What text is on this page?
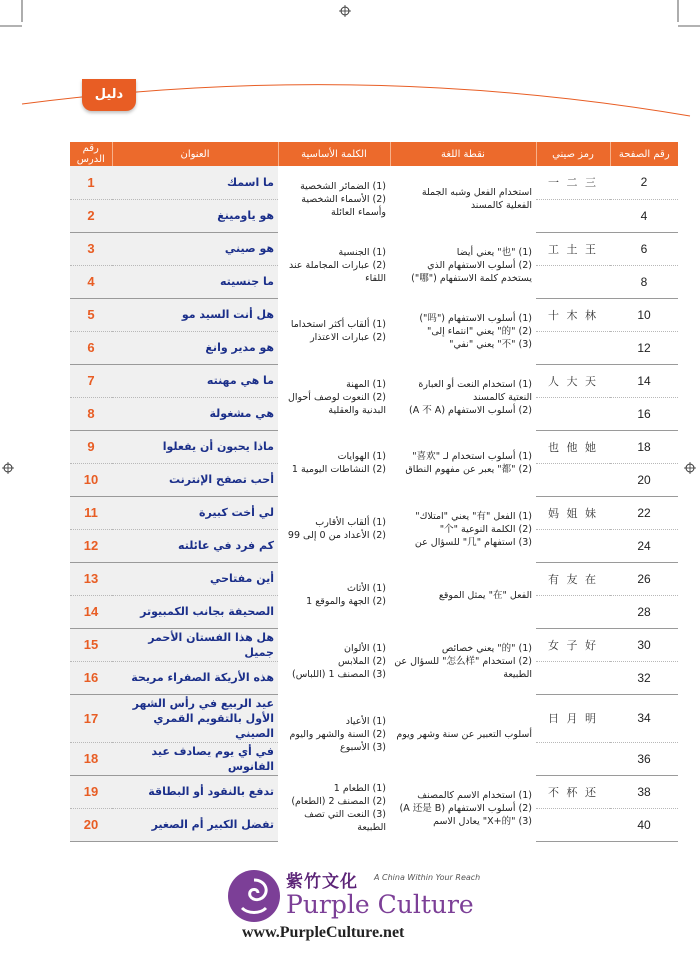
دليل
رقم الصفحة	رمز صيني	نقطة اللغة	الكلمة الأساسية	العنوان	رقم الدرس
2	一 二 三	استخدام الفعل وشبه الجملة الفعلية كالمسند	(1) الضمائر الشخصية
(2) الأسماء الشخصية وأسماء العائلة	ما اسمك	1
4				هو ياومينغ	2
6	工 土 王	(1) "也" يعني أيضا
(2) أسلوب الاستفهام الذي يستخدم كلمة الاستفهام ("哪")	(1) الجنسية
(2) عبارات المجاملة عند اللقاء	هو صيني	3
8				ما جنسيته	4
10	十 木 林	(1) أسلوب الاستفهام ("吗")
(2) "的" يعني "انتماء إلى"
(3) "不" يعني "نفي"	(1) ألقاب أكثر استخداما
(2) عبارات الاعتذار	هل أنت السيد مو	5
12				هو مدير وانغ	6
14	人 大 天	(1) استخدام النعت أو العبارة النعتية كالمسند
(2) أسلوب الاستفهام (A 不 A)	(1) المهنة
(2) النعوت لوصف أحوال البدنية والعقلية	ما هي مهنته	7
16				هي مشغولة	8
18	也 他 她	(1) أسلوب استخدام لـ "喜欢"
(2) "都" يعبر عن مفهوم النطاق	(1) الهوايات
(2) النشاطات اليومية 1	ماذا يحبون أن يفعلوا	9
20				أحب تصفح الإنترنت	10
22	妈 姐 妹	(1) الفعل "有" يعني "امتلاك"
(2) الكلمة النوعية "个"
(3) استفهام "几" للسؤال عن	(1) ألقاب الأقارب
(2) الأعداد من 0 إلى 99	لي أخت كبيرة	11
24				كم فرد في عائلته	12
26	有 友 在	الفعل "在" يمثل الموقع	(1) الأثاث
(2) الجهة والموقع 1	أين مفتاحي	13
28				الصحيفة بجانب الكمبيوتر	14
30	女 子 好	(1) "的" يعني خصائص
(2) استخدام "怎么样" للسؤال عن الطبيعة	(1) الألوان
(2) الملابس
(3) المصنف 1 (اللباس)	هل هذا الفستان الأحمر جميل	15
32				هذه الأريكة الصفراء مريحة	16
34	日 月 明	أسلوب التعبير عن سنة وشهر ويوم	(1) الأعياد
(2) السنة والشهر واليوم
(3) الأسبوع	عيد الربيع في رأس الشهر الأول بالتقويم القمري الصيني	17
36				في أي يوم يصادف عيد الفانوس	18
38	不 杯 还	(1) استخدام الاسم كالمصنف
(2) أسلوب الاستفهام (A 还是 B)
(3) "X+的" يعادل الاسم	(1) الطعام 1
(2) المصنف 2 (الطعام)
(3) النعت التي تصف الطبيعة	تدفع بالنقود أو البطاقة	19
40				تفضل الكبير أم الصغير	20
紫竹文化 A China Within Your Reach
Purple Culture
www.PurpleCulture.net
